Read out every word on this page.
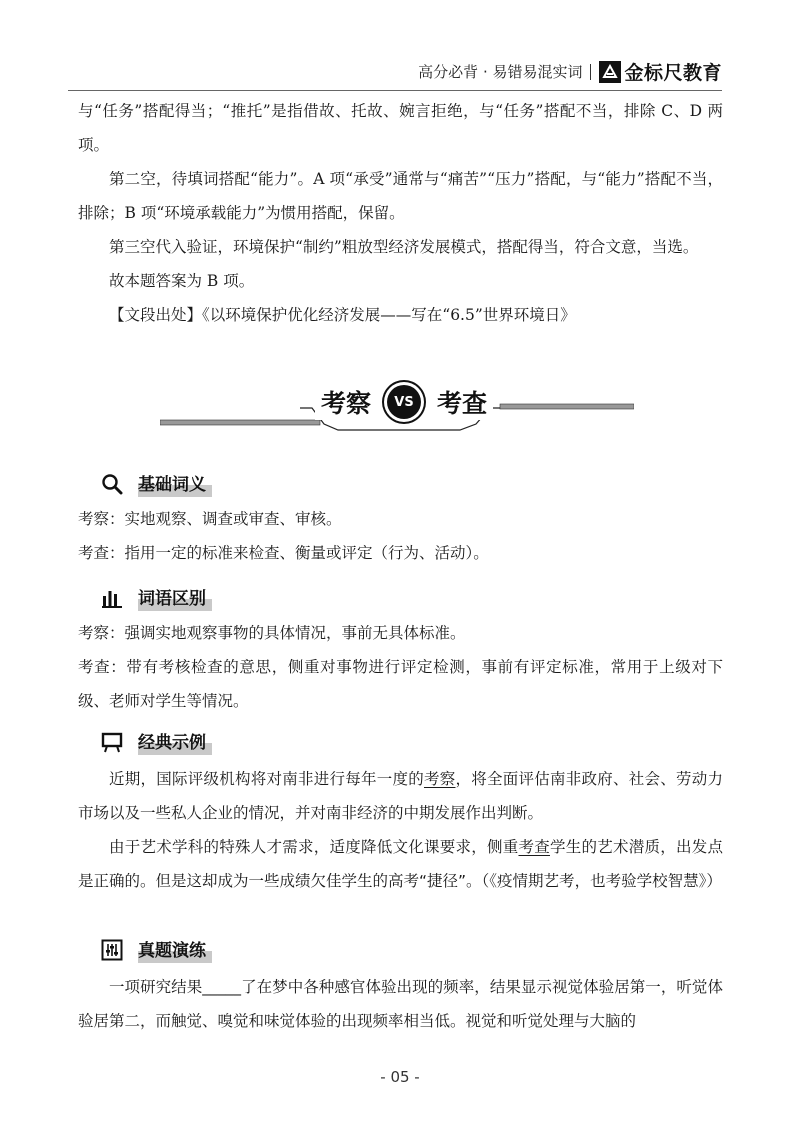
高分必背 · 易错易混实词 金标尺教育

与“任务”搭配得当；“推托”是指借故、托故、婉言拒绝，与“任务”搭配不当，排除 C、D 两项。

第二空，待填词搭配“能力”。A 项“承受”通常与“痛苦”“压力”搭配，与“能力”搭配不当，排除；B 项“环境承载能力”为惯用搭配，保留。

第三空代入验证，环境保护“制约”粗放型经济发展模式，搭配得当，符合文意，当选。

故本题答案为 B 项。

【文段出处】《以环境保护优化经济发展——写在“6.5”世界环境日》

考察	VS 考查
基础词义

考察：实地观察、调查或审查、审核。

考查：指用一定的标准来检查、衡量或评定（行为、活动）。

词语区别

考察：强调实地观察事物的具体情况，事前无具体标准。

考查：带有考核检查的意思，侧重对事物进行评定检测，事前有评定标准，常用于上级对下级、老师对学生等情况。

经典示例

近期，国际评级机构将对南非进行每年一度的考察，将全面评估南非政府、社会、劳动力市场以及一些私人企业的情况，并对南非经济的中期发展作出判断。

由于艺术学科的特殊人才需求，适度降低文化课要求，侧重考查学生的艺术潜质，出发点是正确的。但是这却成为一些成绩欠佳学生的高考“捷径”。（《疫情期艺考，也考验学校智慧》）

真题演练

一项研究结果_____了在梦中各种感官体验出现的频率，结果显示视觉体验居第一，听觉体验居第二，而触觉、嗅觉和味觉体验的出现频率相当低。视觉和听觉处理与大脑的

- 05 -
